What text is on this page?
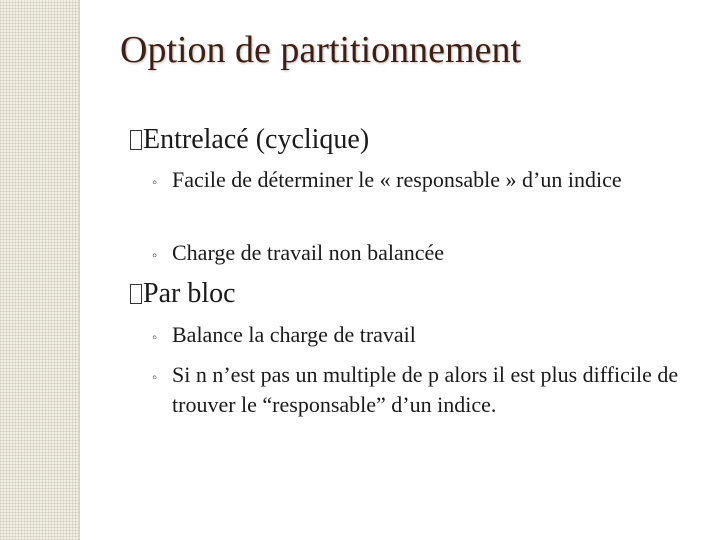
Option de partitionnement
Entrelacé (cyclique)
◦ Facile de déterminer le « responsable » d’un indice
◦ Charge de travail non balancée
Par bloc
◦ Balance la charge de travail
◦ Si n n’est pas un multiple de p alors il est plus difficile de trouver le “responsable” d’un indice.
